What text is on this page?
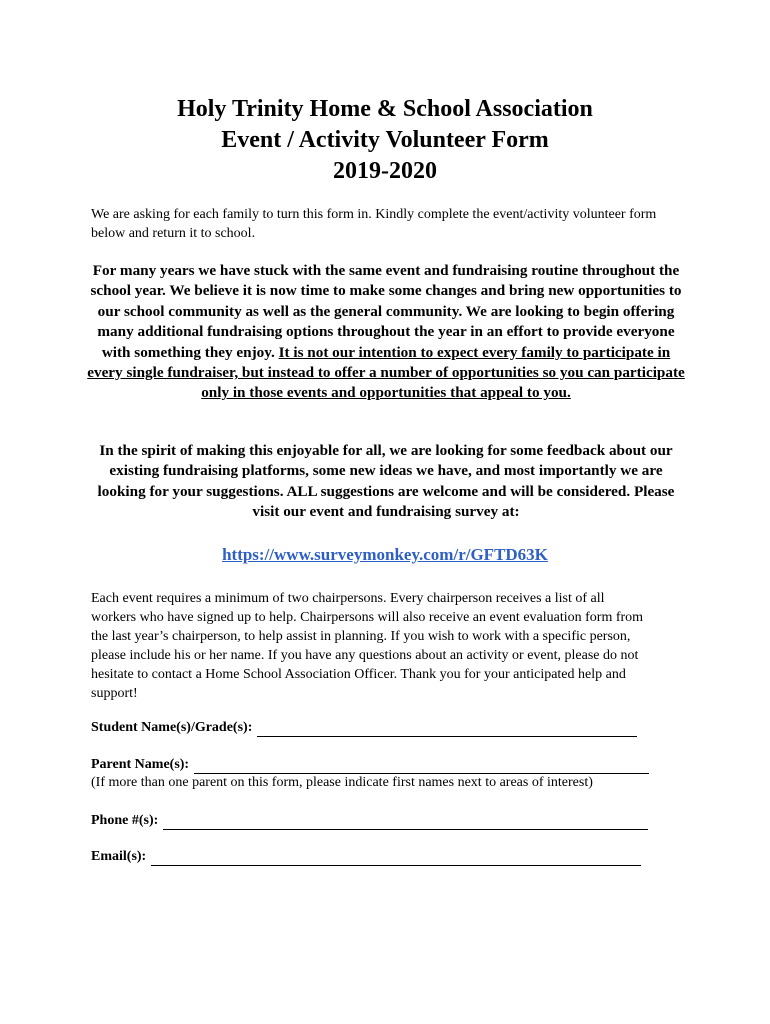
Holy Trinity Home & School Association
Event / Activity Volunteer Form
2019-2020
We are asking for each family to turn this form in. Kindly complete the event/activity volunteer form below and return it to school.
For many years we have stuck with the same event and fundraising routine throughout the school year. We believe it is now time to make some changes and bring new opportunities to our school community as well as the general community. We are looking to begin offering many additional fundraising options throughout the year in an effort to provide everyone with something they enjoy. It is not our intention to expect every family to participate in every single fundraiser, but instead to offer a number of opportunities so you can participate only in those events and opportunities that appeal to you.
In the spirit of making this enjoyable for all, we are looking for some feedback about our existing fundraising platforms, some new ideas we have, and most importantly we are looking for your suggestions. ALL suggestions are welcome and will be considered. Please visit our event and fundraising survey at:
https://www.surveymonkey.com/r/GFTD63K
Each event requires a minimum of two chairpersons. Every chairperson receives a list of all workers who have signed up to help. Chairpersons will also receive an event evaluation form from the last year’s chairperson, to help assist in planning. If you wish to work with a specific person, please include his or her name. If you have any questions about an activity or event, please do not hesitate to contact a Home School Association Officer. Thank you for your anticipated help and support!
Student Name(s)/Grade(s):
Parent Name(s):
(If more than one parent on this form, please indicate first names next to areas of interest)
Phone #(s):
Email(s):
